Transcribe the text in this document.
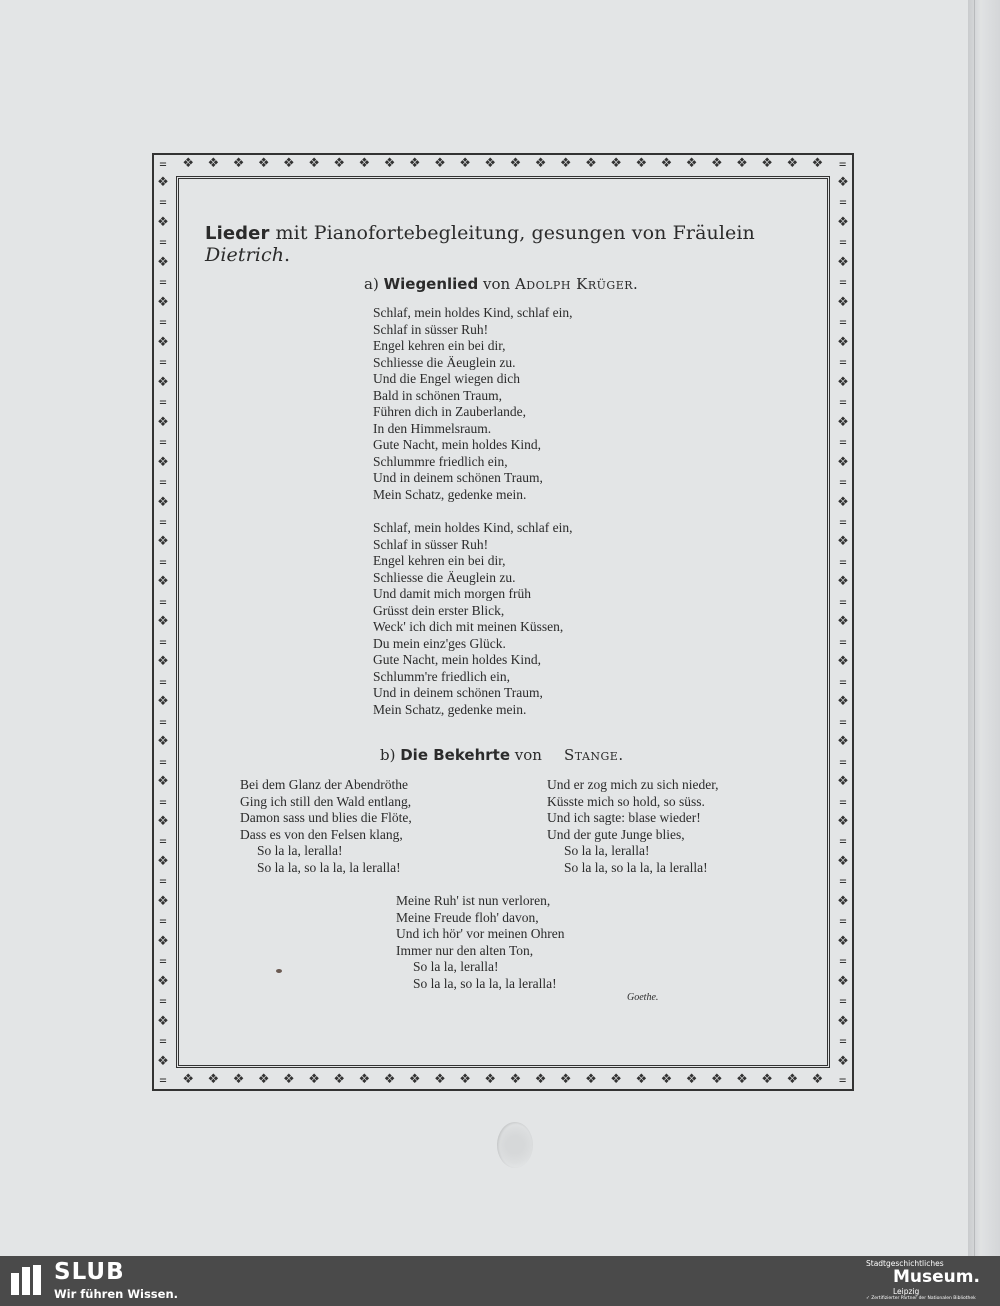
= ❖ ❖ ❖ ❖ ❖ ❖ ❖ ❖ ❖ ❖ ❖ ❖ ❖ ❖ ❖ ❖ ❖ ❖ ❖ ❖ ❖ ❖ ❖ ❖ ❖ ❖ =
= ❖ ❖ ❖ ❖ ❖ ❖ ❖ ❖ ❖ ❖ ❖ ❖ ❖ ❖ ❖ ❖ ❖ ❖ ❖ ❖ ❖ ❖ ❖ ❖ ❖ ❖ =
❖
=
❖
=
❖
=
❖
=
❖
=
❖
=
❖
=
❖
=
❖
=
❖
=
❖
=
❖
=
❖
=
❖
=
❖
=
❖
=
❖
=
❖
=
❖
=
❖
=
❖
=
❖
=
❖
❖
=
❖
=
❖
=
❖
=
❖
=
❖
=
❖
=
❖
=
❖
=
❖
=
❖
=
❖
=
❖
=
❖
=
❖
=
❖
=
❖
=
❖
=
❖
=
❖
=
❖
=
❖
=
❖
Lieder mit Pianofortebegleitung, gesungen von Fräulein Dietrich.
a) Wiegenlied von Adolph Krüger.
Schlaf, mein holdes Kind, schlaf ein,
Schlaf in süsser Ruh!
Engel kehren ein bei dir,
Schliesse die Äeuglein zu.
Und die Engel wiegen dich
Bald in schönen Traum,
Führen dich in Zauberlande,
In den Himmelsraum.
Gute Nacht, mein holdes Kind,
Schlummre friedlich ein,
Und in deinem schönen Traum,
Mein Schatz, gedenke mein.
Schlaf, mein holdes Kind, schlaf ein,
Schlaf in süsser Ruh!
Engel kehren ein bei dir,
Schliesse die Äeuglein zu.
Und damit mich morgen früh
Grüsst dein erster Blick,
Weck' ich dich mit meinen Küssen,
Du mein einz'ges Glück.
Gute Nacht, mein holdes Kind,
Schlumm're friedlich ein,
Und in deinem schönen Traum,
Mein Schatz, gedenke mein.
b) Die Bekehrte von Stange.
Bei dem Glanz der Abendröthe
Ging ich still den Wald entlang,
Damon sass und blies die Flöte,
Dass es von den Felsen klang,
So la la, leralla!
So la la, so la la, la leralla!
Und er zog mich zu sich nieder,
Küsste mich so hold, so süss.
Und ich sagte: blase wieder!
Und der gute Junge blies,
So la la, leralla!
So la la, so la la, la leralla!
Meine Ruh' ist nun verloren,
Meine Freude floh' davon,
Und ich hör' vor meinen Ohren
Immer nur den alten Ton,
So la la, leralla!
So la la, so la la, la leralla!
Goethe.
SLUB
Wir führen Wissen.
Stadtgeschichtliches
Museum.
Leipzig
✓ Zertifizierter Partner der Nationalen Bibliothek
